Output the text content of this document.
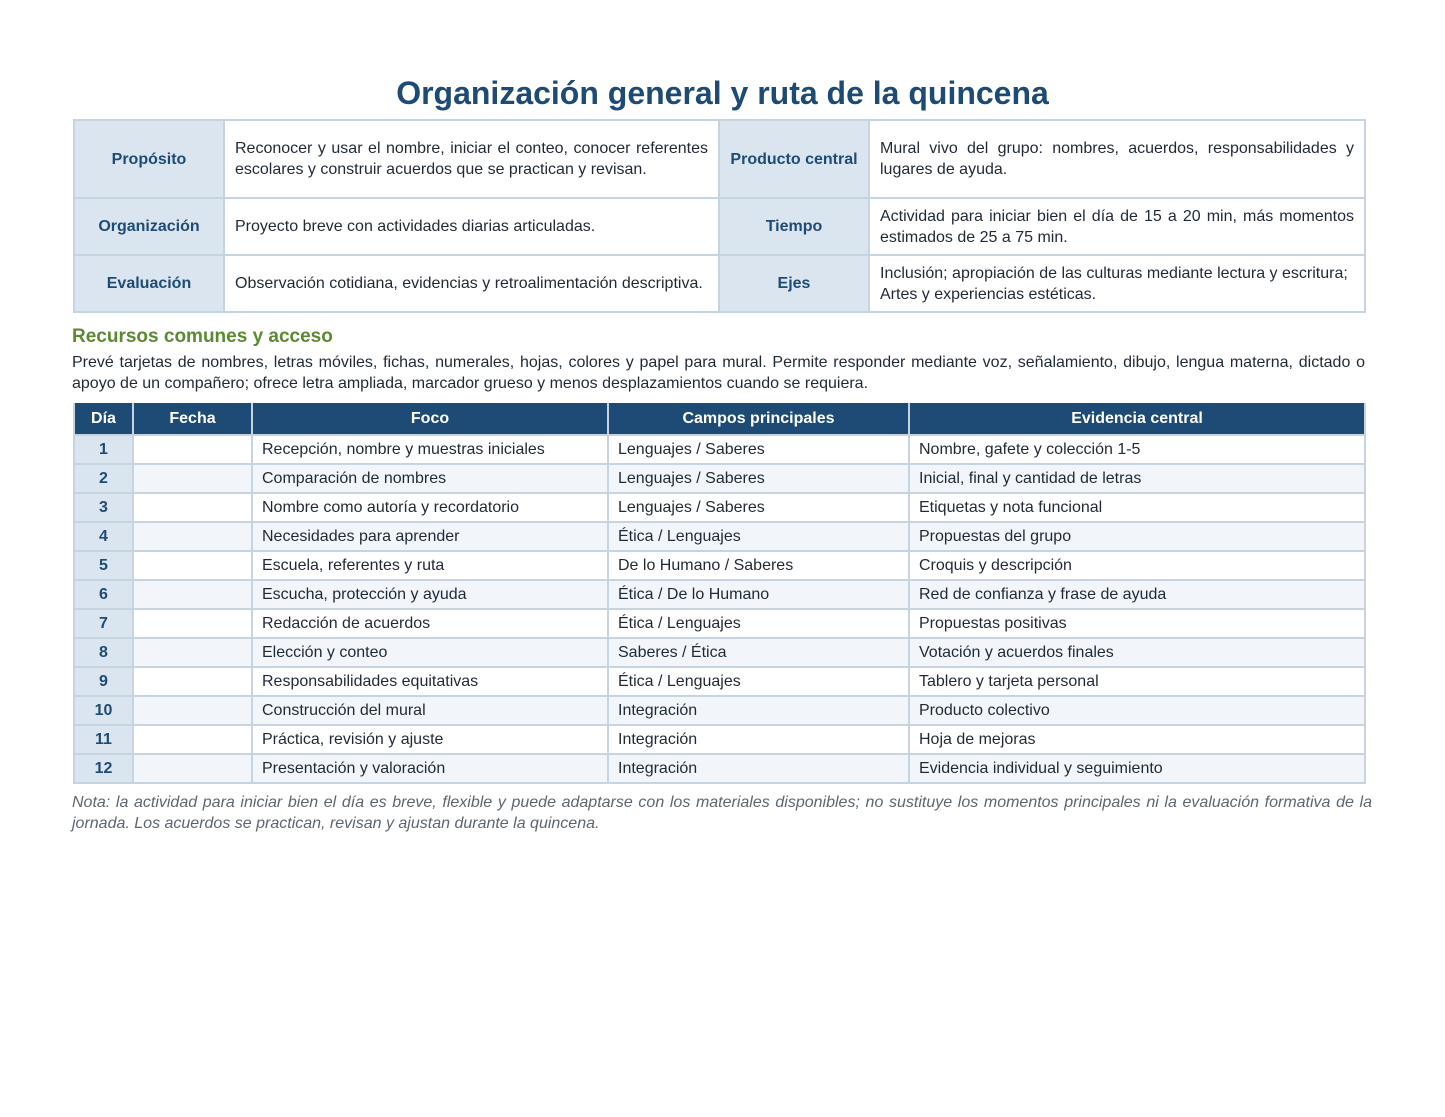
Organización general y ruta de la quincena
Propósito	Reconocer y usar el nombre, iniciar el conteo, conocer referentes escolares y construir acuerdos que se practican y revisan.	Producto central	Mural vivo del grupo: nombres, acuerdos, responsabilidades y lugares de ayuda.
Organización	Proyecto breve con actividades diarias articuladas.	Tiempo	Actividad para iniciar bien el día de 15 a 20 min, más momentos estimados de 25 a 75 min.
Evaluación	Observación cotidiana, evidencias y retroalimentación descriptiva.	Ejes	Inclusión; apropiación de las culturas mediante lectura y escritura; Artes y experiencias estéticas.
Recursos comunes y acceso

Prevé tarjetas de nombres, letras móviles, fichas, numerales, hojas, colores y papel para mural. Permite responder mediante voz, señalamiento, dibujo, lengua materna, dictado o apoyo de un compañero; ofrece letra ampliada, marcador grueso y menos desplazamientos cuando se requiera.

Día	Fecha	Foco	Campos principales	Evidencia central
1		Recepción, nombre y muestras iniciales	Lenguajes / Saberes	Nombre, gafete y colección 1-5
2		Comparación de nombres	Lenguajes / Saberes	Inicial, final y cantidad de letras
3		Nombre como autoría y recordatorio	Lenguajes / Saberes	Etiquetas y nota funcional
4		Necesidades para aprender	Ética / Lenguajes	Propuestas del grupo
5		Escuela, referentes y ruta	De lo Humano / Saberes	Croquis y descripción
6		Escucha, protección y ayuda	Ética / De lo Humano	Red de confianza y frase de ayuda
7		Redacción de acuerdos	Ética / Lenguajes	Propuestas positivas
8		Elección y conteo	Saberes / Ética	Votación y acuerdos finales
9		Responsabilidades equitativas	Ética / Lenguajes	Tablero y tarjeta personal
10		Construcción del mural	Integración	Producto colectivo
11		Práctica, revisión y ajuste	Integración	Hoja de mejoras
12		Presentación y valoración	Integración	Evidencia individual y seguimiento

Nota: la actividad para iniciar bien el día es breve, flexible y puede adaptarse con los materiales disponibles; no sustituye los momentos principales ni la evaluación formativa de la jornada. Los acuerdos se practican, revisan y ajustan durante la quincena.
